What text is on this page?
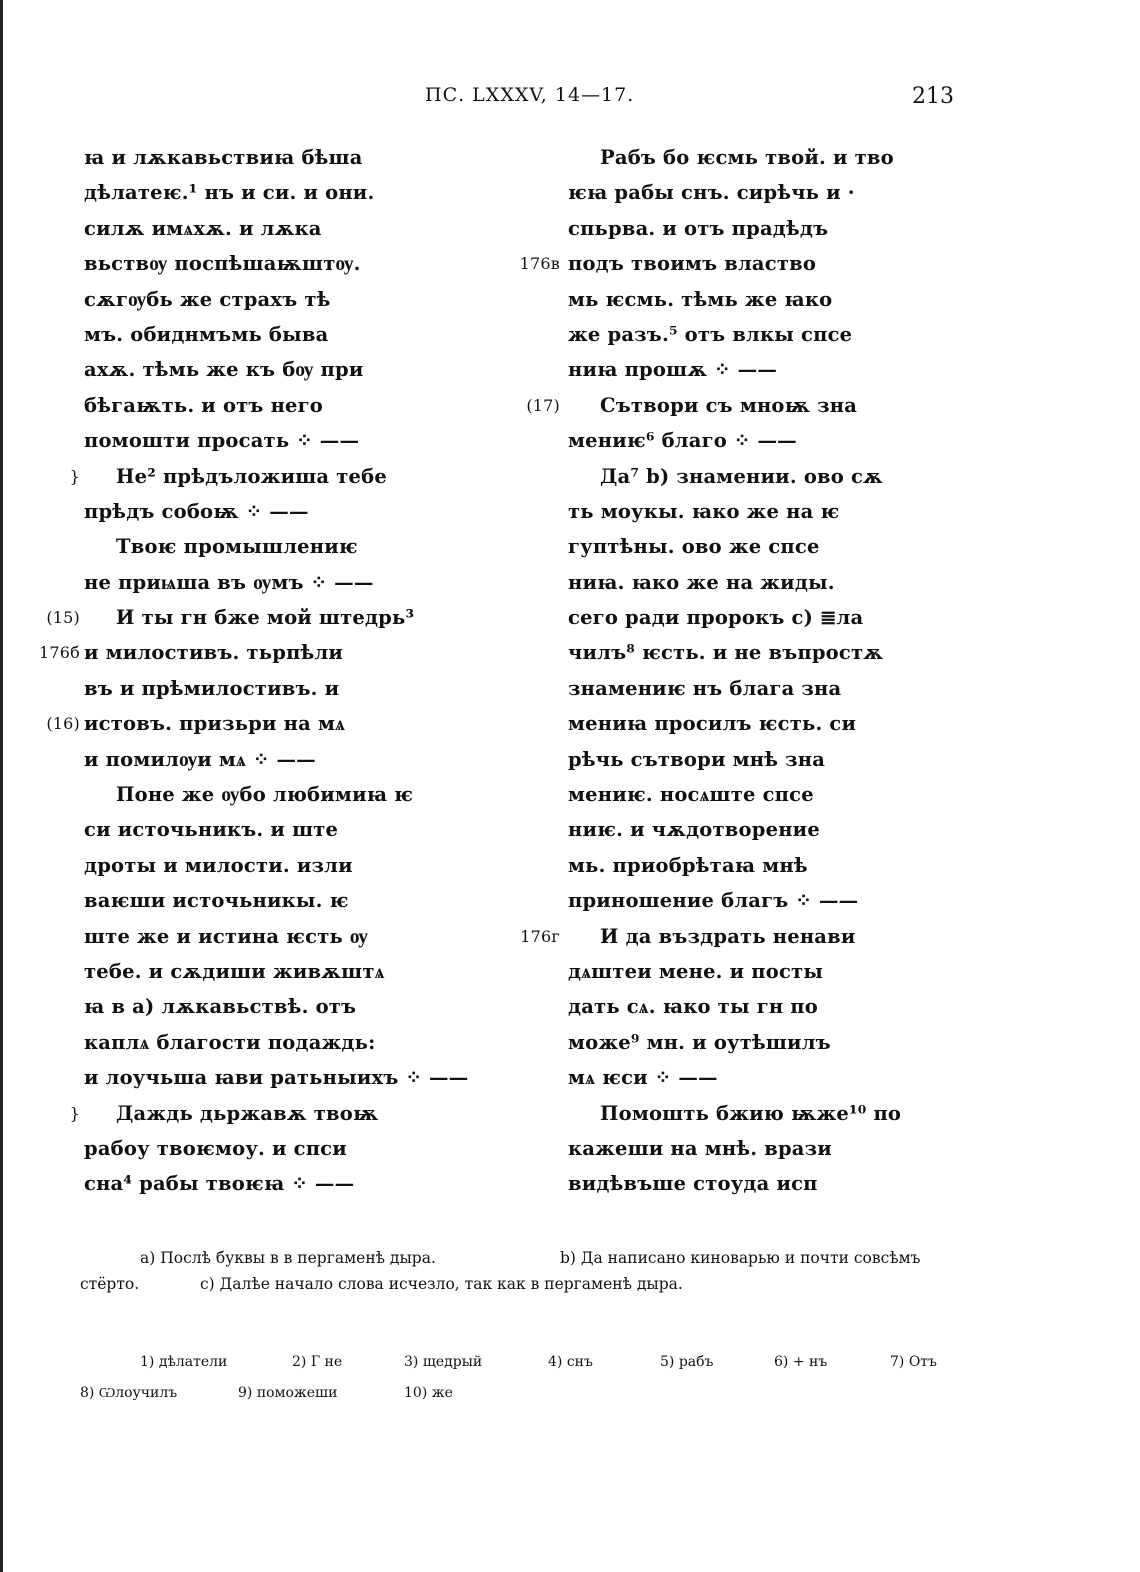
ПС. LXXXV, 14—17.	213
ꙗ и лѫкавьствиꙗ бѣша
дѣлатеѥ.¹ нъ и си. и они.
силѫ имѧхѫ. и лѫка
вьствѹ поспѣшаѭштѹ.
сѫгѹбь же страхъ тѣ
мъ. обиднмъмь быва
ахѫ. тѣмь же къ бѹ при
бѣгаѭть. и отъ него
помошти просать ⁘ ——
} Не² прѣдъложиша тебе
прѣдъ собоѭ ⁘ ——
Твоѥ промышлениѥ
не приѩша въ ѹмъ ⁘ ——
(15) И ты гн бже мой штедрь³
176б и милостивъ. тьрпѣли
въ и прѣмилостивъ. и
(16) истовъ. призьри на мѧ
и помилѹи мѧ ⁘ ——
Поне же ѹбо любимиꙗ ѥ
си источьникъ. и ште
дроты и милости. изли
ваѥши источьникы. ѥ
ште же и истина ѥсть ѹ
тебе. и сѫдиши живѫштѧ
ꙗ в а) лѫкавьствѣ. отъ
каплѧ благости подаждь:
и лоучьша ꙗви ратьныихъ ⁘ ——
} Даждь дьржавѫ твоѭ
рабоу твоѥмоу. и спси
сна⁴ рабы твоѥꙗ ⁘ ——
Рабъ бо ѥсмь твой. и тво
ѥꙗ рабы снъ. сирѣчь и ·
спьрва. и отъ прадѣдъ
176в подъ твоимъ властво
мь ѥсмь. тѣмь же ꙗко
же разъ.⁵ отъ влкы спсе
ниꙗ прошѫ ⁘ ——
(17) Сътвори съ мноѭ зна
мениѥ⁶ благо ⁘ ——
Да⁷ b) знамении. ово сѫ
ть моукы. ꙗко же на ѥ
гуптѣны. ово же спсе
ниꙗ. ꙗко же на жиды.
сего ради пророкъ c) ≣ла
чилъ⁸ ѥсть. и не въпростѫ
знамениѥ нъ блага зна
мениꙗ просилъ ѥсть. си
рѣчь сътвори мнѣ зна
мениѥ. носѧште спсе
ниѥ. и чѫдотворение
мь. приобрѣтаꙗ мнѣ
приношение благъ ⁘ ——
176г И да въздрать ненави
дѧштеи мене. и посты
дать сѧ. ꙗко ты гн по
може⁹ мн. и оутѣшилъ
мѧ ѥси ⁘ ——
Помошть бжию ѭже¹⁰ по
кажеши на мнѣ. врази
видѣвъше стоуда исп
a) Послѣ буквы в в пергаменѣ дыра.	b) Да написано киноварью и почти совсѣмъ
стёрто.	c) Далѣе начало слова исчезло, так как в пергаменѣ дыра.
1) дѣлатели	2) Г не	3) щедрый	4) снъ	5) рабъ	6) + нъ	7) Отъ
8) Ѡлоучилъ	9) поможеши	10) же
